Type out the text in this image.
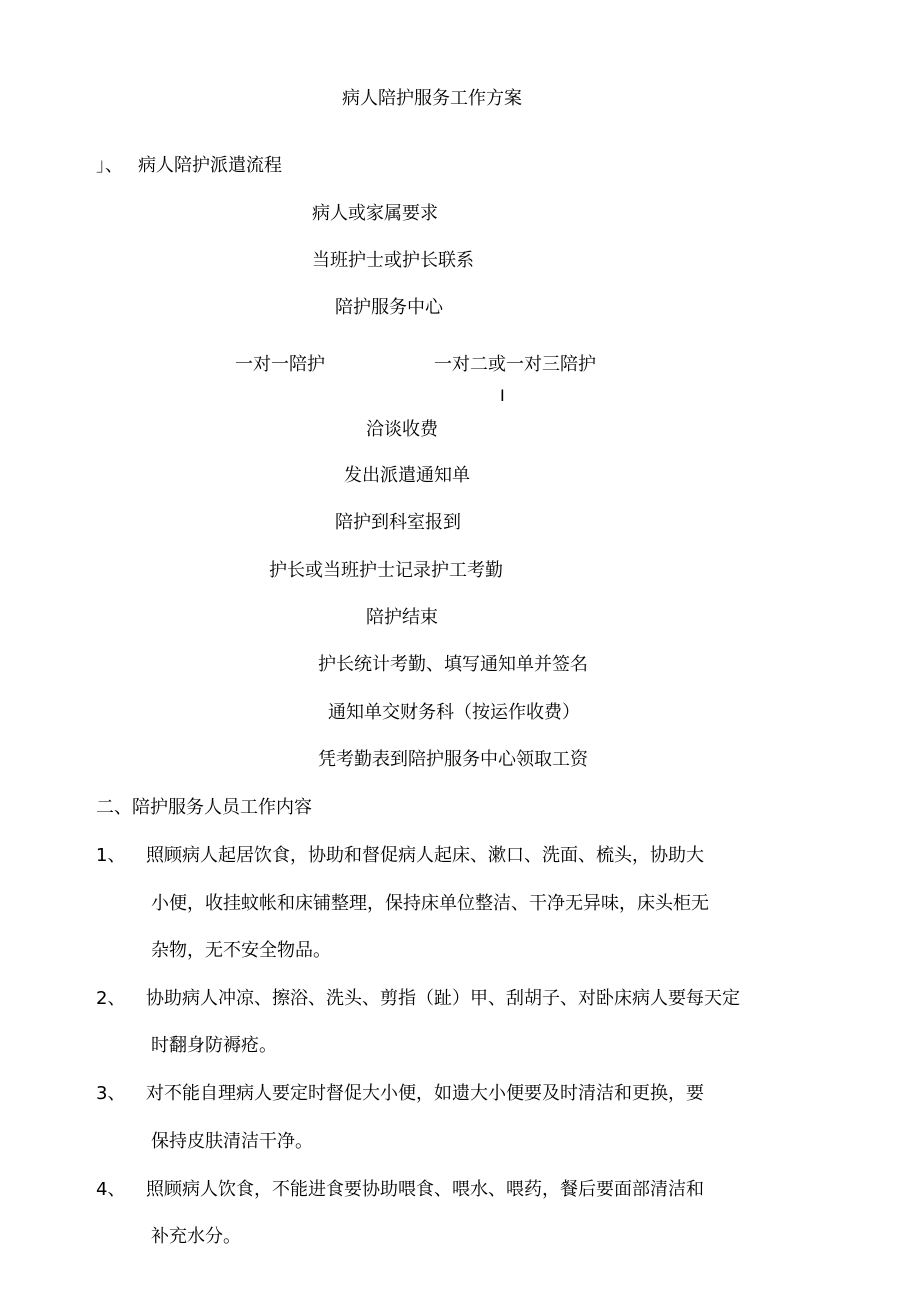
病人陪护服务工作方案
」、 病人陪护派遣流程
病人或家属要求
当班护士或护长联系
陪护服务中心
一对一陪护	一对二或一对三陪护
I
洽谈收费
发出派遣通知单
陪护到科室报到
护长或当班护士记录护工考勤
陪护结束
护长统计考勤、填写通知单并签名
通知单交财务科（按运作收费）
凭考勤表到陪护服务中心领取工资
二、陪护服务人员工作内容
1、 照顾病人起居饮食，协助和督促病人起床、漱口、洗面、梳头，协助大
小便，收挂蚊帐和床铺整理，保持床单位整洁、干净无异味，床头柜无
杂物，无不安全物品。
2、 协助病人冲凉、擦浴、洗头、剪指（趾）甲、刮胡子、对卧床病人要每天定
时翻身防褥疮。
3、 对不能自理病人要定时督促大小便，如遗大小便要及时清洁和更换，要
保持皮肤清洁干净。
4、 照顾病人饮食，不能进食要协助喂食、喂水、喂药，餐后要面部清洁和
补充水分。
